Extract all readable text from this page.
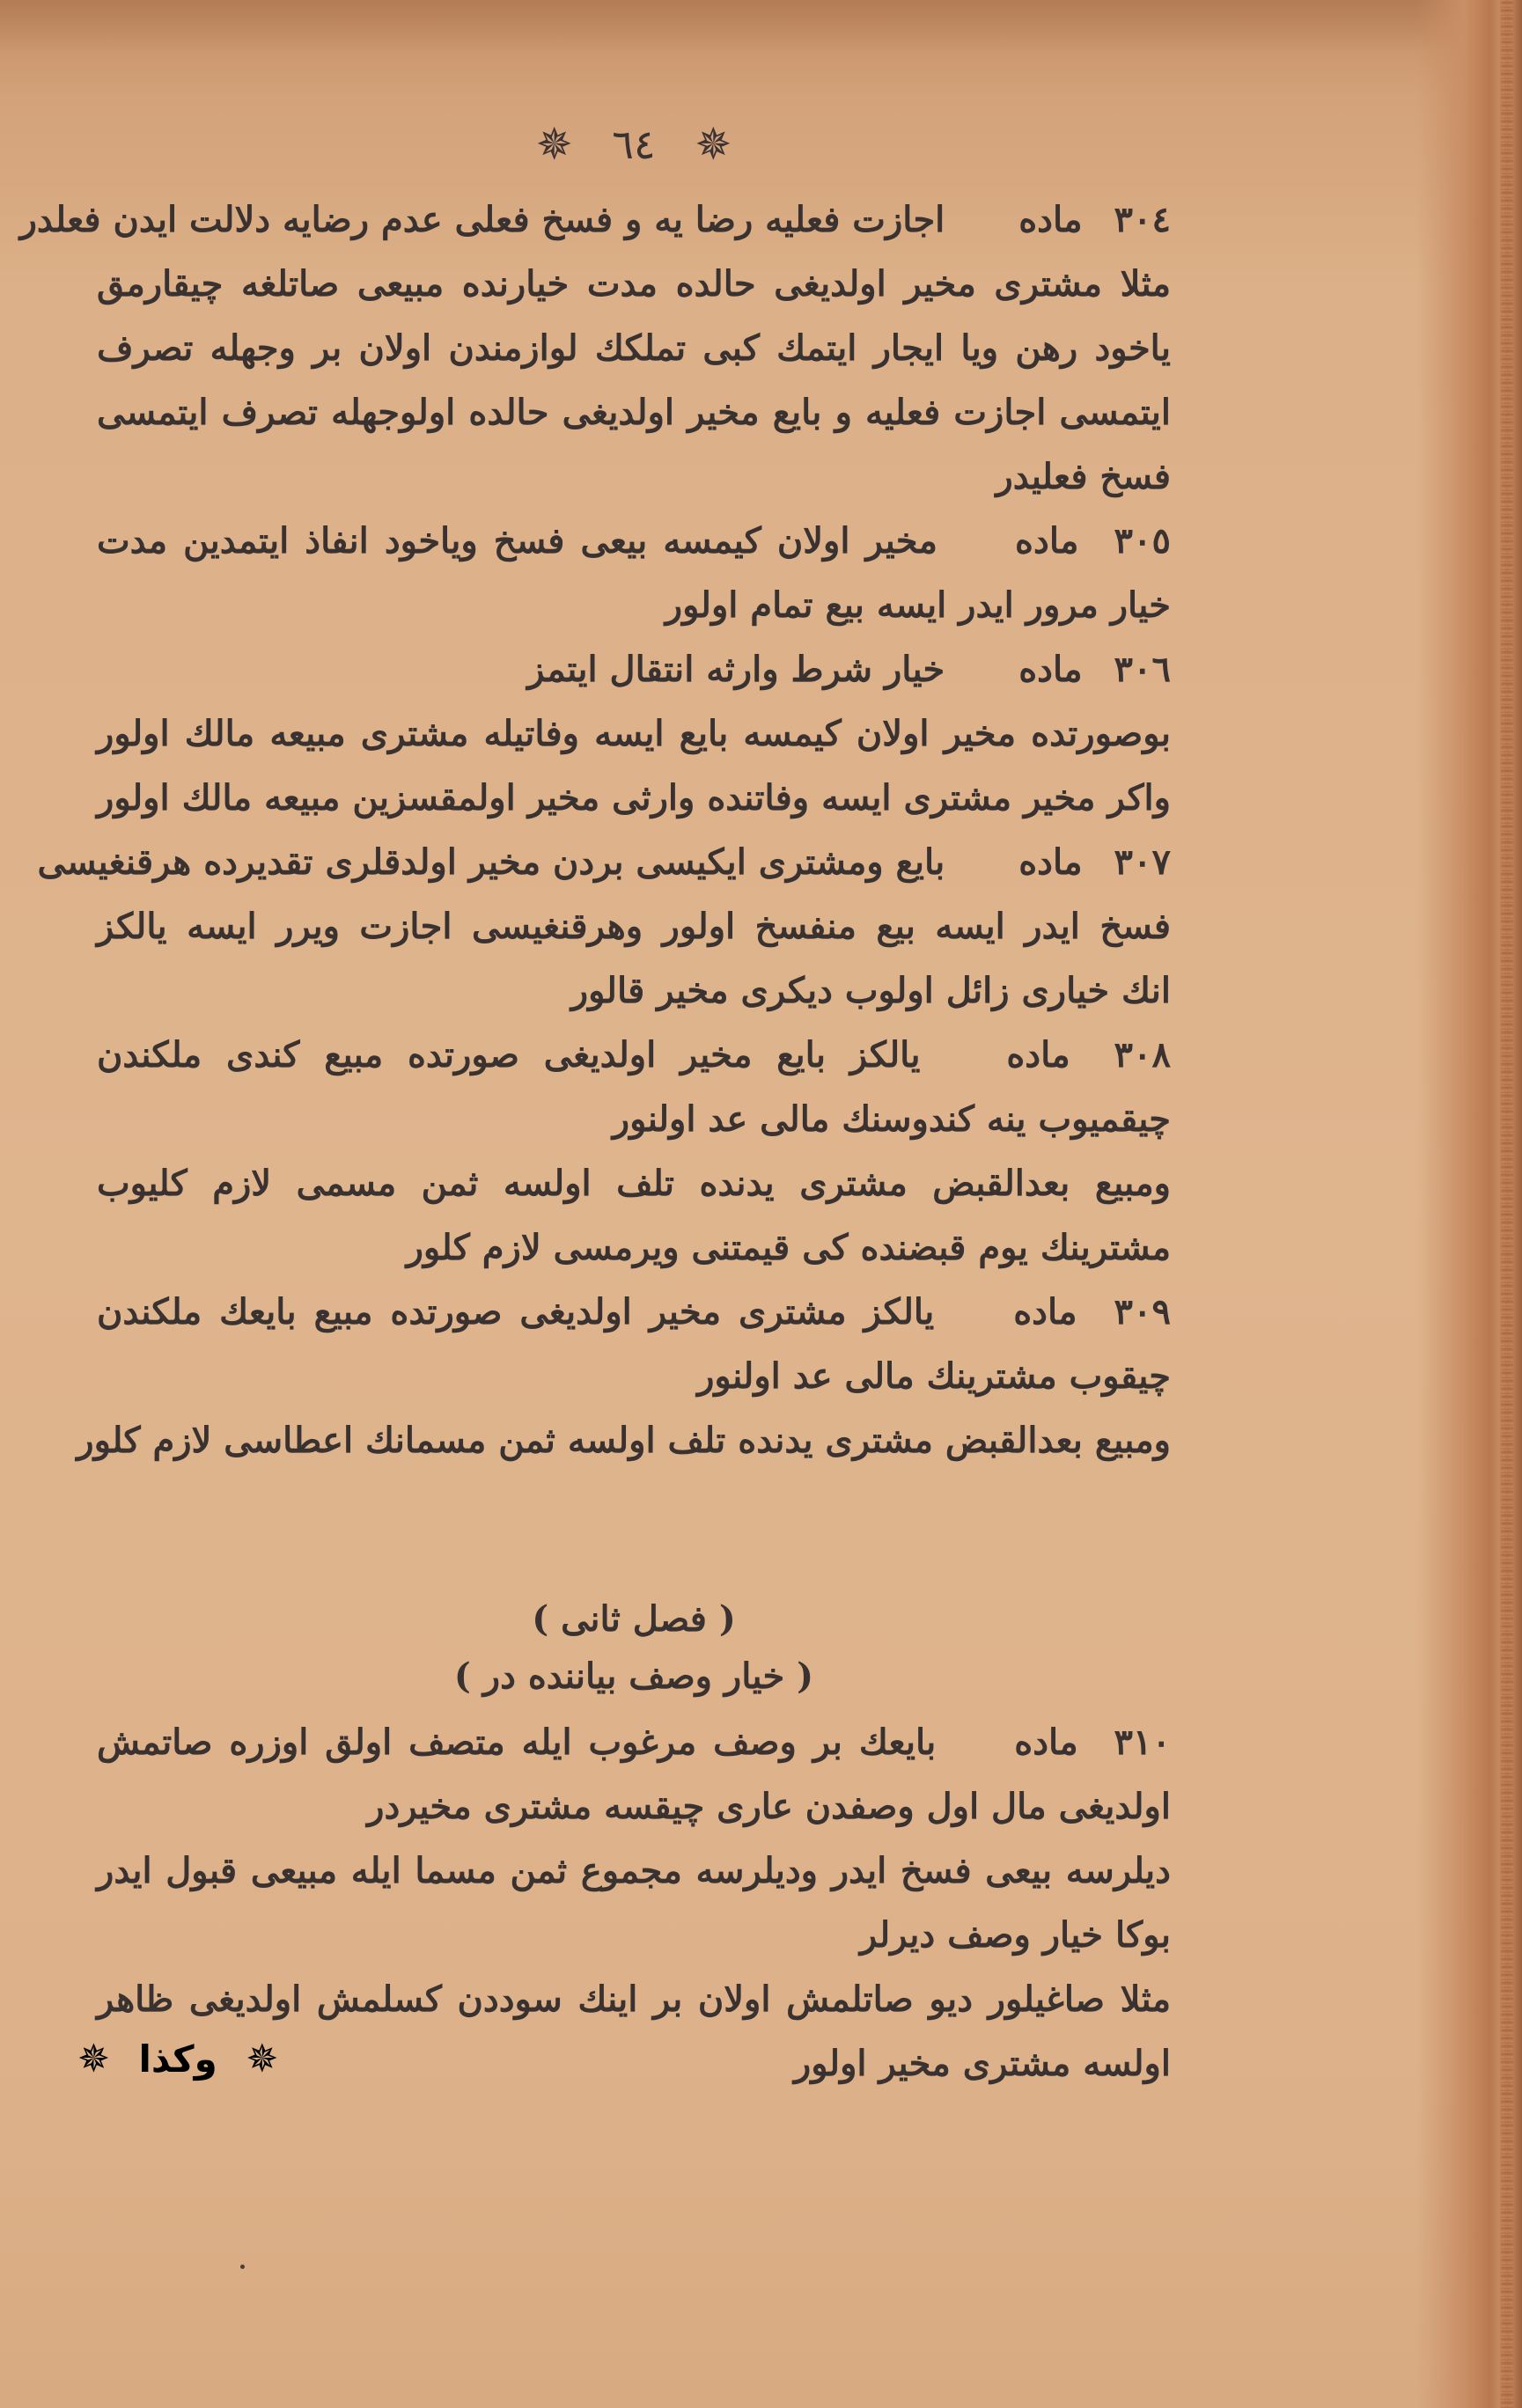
✵ ٦٤ ✵
٣٠٤ ماده اجازت فعلیه رضا یه و فسخ فعلی عدم رضایه دلالت ایدن فعلدر
مثلا مشتری مخیر اولدیغی حالده مدت خیارنده مبیعی صاتلغه چیقارمق
یاخود رهن ویا ایجار ایتمك کبی تملکك لوازمندن اولان بر وجهله تصرف
ایتمسی اجازت فعلیه و بایع مخیر اولدیغی حالده اولوجهله تصرف ایتمسی
فسخ فعلیدر
٣٠٥ ماده مخیر اولان کیمسه بیعی فسخ ویاخود انفاذ ایتمدین مدت
خیار مرور ایدر ایسه بیع تمام اولور
٣٠٦ ماده خیار شرط وارثه انتقال ایتمز
بوصورتده مخیر اولان کیمسه بایع ایسه وفاتیله مشتری مبیعه مالك اولور
واکر مخیر مشتری ایسه وفاتنده وارثی مخیر اولمقسزین مبیعه مالك اولور
٣٠٧ ماده بایع ومشتری ایکیسی بردن مخیر اولدقلری تقدیرده هرقنغیسی
فسخ ایدر ایسه بیع منفسخ اولور وهرقنغیسی اجازت ویرر ایسه یالکز
انك خیاری زائل اولوب دیکری مخیر قالور
٣٠٨ ماده یالکز بایع مخیر اولدیغی صورتده مبیع کندی ملکندن
چیقمیوب ینه کندوسنك مالی عد اولنور
ومبیع بعدالقبض مشتری یدنده تلف اولسه ثمن مسمی لازم کلیوب
مشترینك یوم قبضنده کی قیمتنی ویرمسی لازم کلور
٣٠٩ ماده یالکز مشتری مخیر اولدیغی صورتده مبیع بایعك ملکندن
چیقوب مشترینك مالی عد اولنور
ومبیع بعدالقبض مشتری یدنده تلف اولسه ثمن مسمانك اعطاسی لازم کلور
( فصل ثانی )
( خیار وصف بیاننده در )
٣١٠ ماده بایعك بر وصف مرغوب ایله متصف اولق اوزره صاتمش
اولدیغی مال اول وصفدن عاری چیقسه مشتری مخیردر
دیلرسه بیعی فسخ ایدر ودیلرسه مجموع ثمن مسما ایله مبیعی قبول ایدر
بوکا خیار وصف دیرلر
مثلا صاغیلور دیو صاتلمش اولان بر اینك سوددن کسلمش اولدیغی ظاهر
اولسه مشتری مخیر اولور
✵ وکذا ✵
